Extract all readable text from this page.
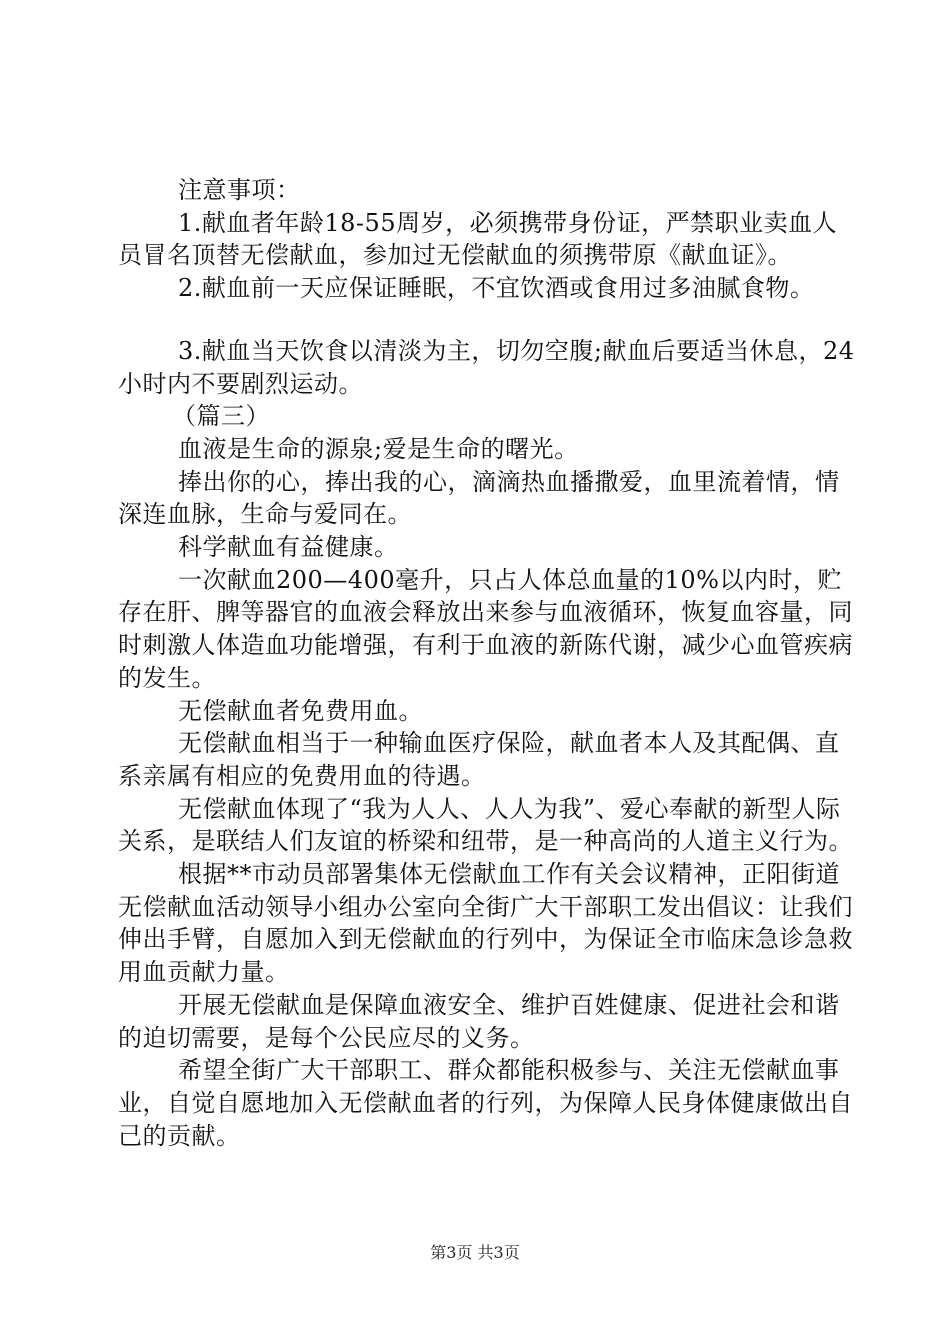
注意事项：

1.献血者年龄18-55周岁，必须携带身份证，严禁职业卖血人员冒名顶替无偿献血，参加过无偿献血的须携带原《献血证》。

2.献血前一天应保证睡眠，不宜饮酒或食用过多油腻食物。

3.献血当天饮食以清淡为主，切勿空腹;献血后要适当休息，24小时内不要剧烈运动。

（篇三）

血液是生命的源泉;爱是生命的曙光。

捧出你的心，捧出我的心，滴滴热血播撒爱，血里流着情，情深连血脉，生命与爱同在。

科学献血有益健康。

一次献血200—400毫升，只占人体总血量的10%以内时，贮存在肝、脾等器官的血液会释放出来参与血液循环，恢复血容量，同时刺激人体造血功能增强，有利于血液的新陈代谢，减少心血管疾病的发生。

无偿献血者免费用血。

无偿献血相当于一种输血医疗保险，献血者本人及其配偶、直系亲属有相应的免费用血的待遇。

无偿献血体现了“我为人人、人人为我”、爱心奉献的新型人际关系，是联结人们友谊的桥梁和纽带，是一种高尚的人道主义行为。

根据**市动员部署集体无偿献血工作有关会议精神，正阳街道无偿献血活动领导小组办公室向全街广大干部职工发出倡议：让我们伸出手臂，自愿加入到无偿献血的行列中，为保证全市临床急诊急救用血贡献力量。

开展无偿献血是保障血液安全、维护百姓健康、促进社会和谐的迫切需要，是每个公民应尽的义务。

希望全街广大干部职工、群众都能积极参与、关注无偿献血事业，自觉自愿地加入无偿献血者的行列，为保障人民身体健康做出自己的贡献。

第3页 共3页
